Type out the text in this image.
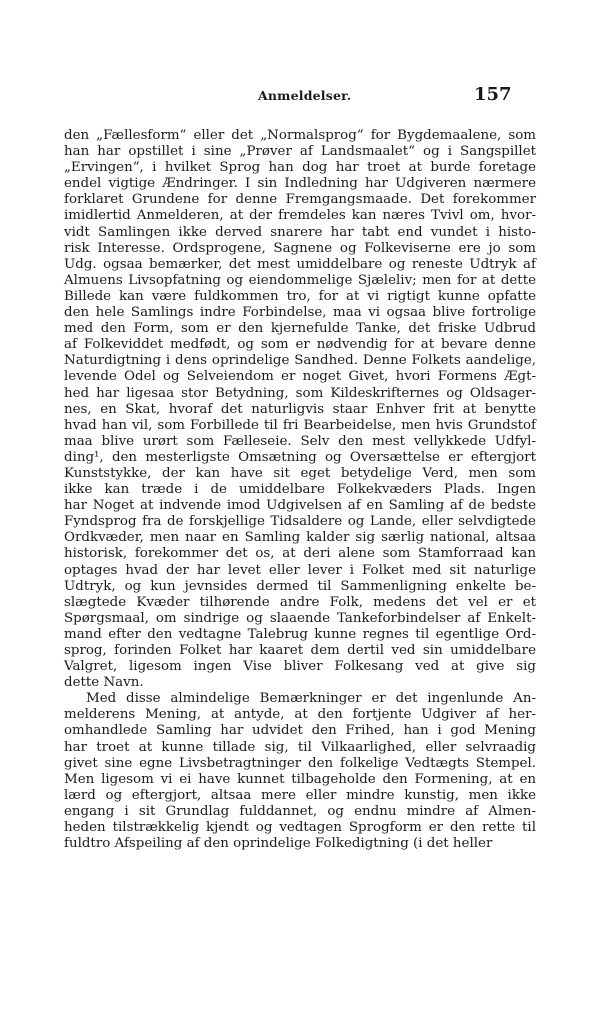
Anmeldelser.	157
den „Fællesform“ eller det „Normalsprog“ for Bygdemaalene, som
han har opstillet i sine „Prøver af Landsmaalet“ og i Sangspillet
„Ervingen“, i hvilket Sprog han dog har troet at burde foretage
endel vigtige Ændringer. I sin Indledning har Udgiveren nærmere
forklaret Grundene for denne Fremgangsmaade. Det forekommer
imidlertid Anmelderen, at der fremdeles kan næres Tvivl om, hvor-
vidt Samlingen ikke derved snarere har tabt end vundet i histo-
risk Interesse. Ordsprogene, Sagnene og Folkeviserne ere jo som
Udg. ogsaa bemærker, det mest umiddelbare og reneste Udtryk af
Almuens Livsopfatning og eiendommelige Sjæleliv; men for at dette
Billede kan være fuldkommen tro, for at vi rigtigt kunne opfatte
den hele Samlings indre Forbindelse, maa vi ogsaa blive fortrolige
med den Form, som er den kjernefulde Tanke, det friske Udbrud
af Folkeviddet medfødt, og som er nødvendig for at bevare denne
Naturdigtning i dens oprindelige Sandhed. Denne Folkets aandelige,
levende Odel og Selveiendom er noget Givet, hvori Formens Ægt-
hed har ligesaa stor Betydning, som Kildeskrifternes og Oldsager-
nes, en Skat, hvoraf det naturligvis staar Enhver frit at benytte
hvad han vil, som Forbillede til fri Bearbeidelse, men hvis Grundstof
maa blive urørt som Fælleseie. Selv den mest vellykkede Udfyl-
ding¹, den mesterligste Omsætning og Oversættelse er eftergjort
Kunststykke, der kan have sit eget betydelige Verd, men som
ikke kan træde i de umiddelbare Folkekvæders Plads. Ingen
har Noget at indvende imod Udgivelsen af en Samling af de bedste
Fyndsprog fra de forskjellige Tidsaldere og Lande, eller selvdigtede
Ordkvæder, men naar en Samling kalder sig særlig national, altsaa
historisk, forekommer det os, at deri alene som Stamforraad kan
optages hvad der har levet eller lever i Folket med sit naturlige
Udtryk, og kun jevnsides dermed til Sammenligning enkelte be-
slægtede Kvæder tilhørende andre Folk, medens det vel er et
Spørgsmaal, om sindrige og slaaende Tankeforbindelser af Enkelt-
mand efter den vedtagne Talebrug kunne regnes til egentlige Ord-
sprog, forinden Folket har kaaret dem dertil ved sin umiddelbare
Valgret, ligesom ingen Vise bliver Folkesang ved at give sig
dette Navn.
Med disse almindelige Bemærkninger er det ingenlunde An-
melderens Mening, at antyde, at den fortjente Udgiver af her-
omhandlede Samling har udvidet den Frihed, han i god Mening
har troet at kunne tillade sig, til Vilkaarlighed, eller selvraadig
givet sine egne Livsbetragtninger den folkelige Vedtægts Stempel.
Men ligesom vi ei have kunnet tilbageholde den Formening, at en
lærd og eftergjort, altsaa mere eller mindre kunstig, men ikke
engang i sit Grundlag fulddannet, og endnu mindre af Almen-
heden tilstrækkelig kjendt og vedtagen Sprogform er den rette til
fuldtro Afspeiling af den oprindelige Folkedigtning (i det heller
